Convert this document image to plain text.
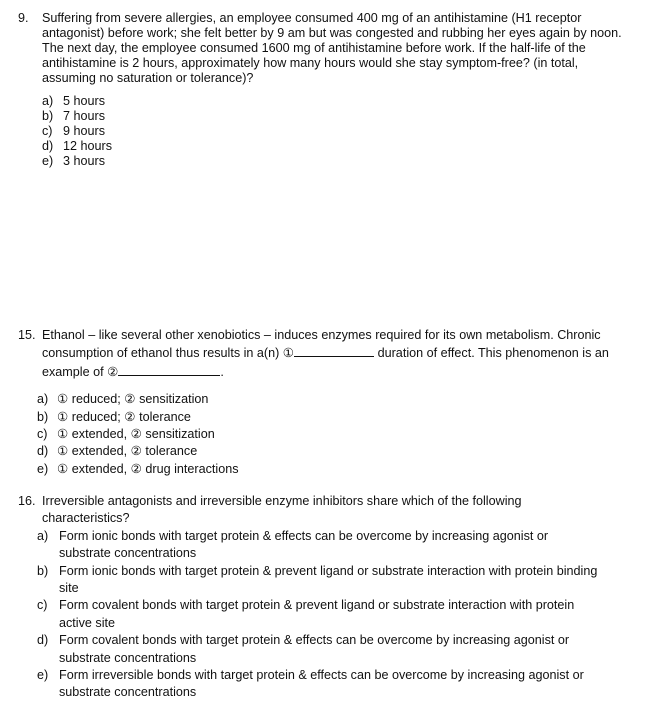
9. Suffering from severe allergies, an employee consumed 400 mg of an antihistamine (H1 receptor antagonist) before work; she felt better by 9 am but was congested and rubbing her eyes again by noon. The next day, the employee consumed 1600 mg of antihistamine before work. If the half-life of the antihistamine is 2 hours, approximately how many hours would she stay symptom-free? (in total, assuming no saturation or tolerance)?
a) 5 hours
b) 7 hours
c) 9 hours
d) 12 hours
e) 3 hours
15. Ethanol – like several other xenobiotics – induces enzymes required for its own metabolism. Chronic consumption of ethanol thus results in a(n) ①	duration of effect. This phenomenon is an example of ②	.
a) ① reduced; ② sensitization
b) ① reduced; ② tolerance
c) ① extended, ② sensitization
d) ① extended, ② tolerance
e) ① extended, ② drug interactions
16. Irreversible antagonists and irreversible enzyme inhibitors share which of the following characteristics?
a) Form ionic bonds with target protein & effects can be overcome by increasing agonist or substrate concentrations
b) Form ionic bonds with target protein & prevent ligand or substrate interaction with protein binding site
c) Form covalent bonds with target protein & prevent ligand or substrate interaction with protein active site
d) Form covalent bonds with target protein & effects can be overcome by increasing agonist or substrate concentrations
e) Form irreversible bonds with target protein & effects can be overcome by increasing agonist or substrate concentrations
